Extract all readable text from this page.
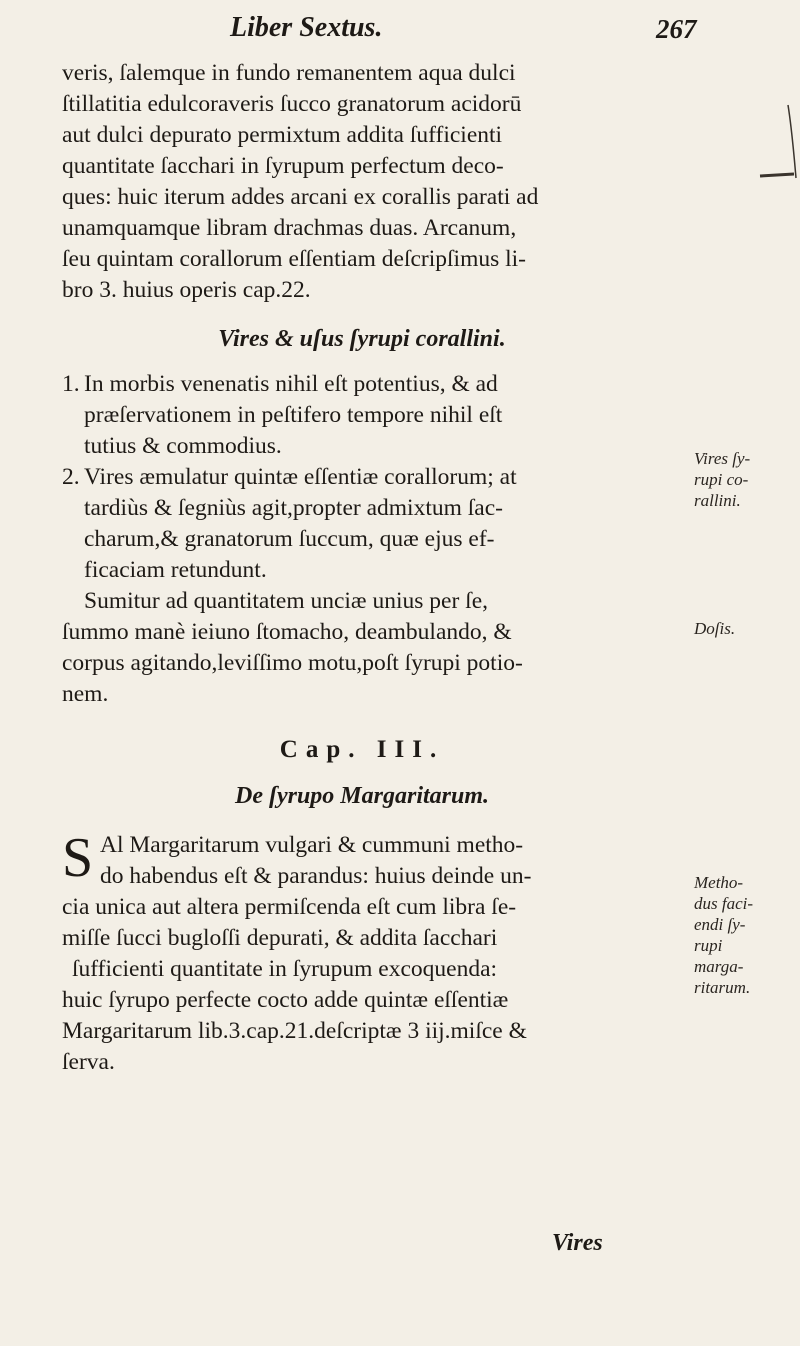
Liber Sextus.	267
veris, ſalemque in fundo remanentem aqua dulci
ſtillatitia edulcoraveris ſucco granatorum acidorū
aut dulci depurato permixtum addita ſufficienti
quantitate ſacchari in ſyrupum perfectum deco-
ques: huic iterum addes arcani ex corallis parati ad
unamquamque libram drachmas duas. Arcanum,
ſeu quintam corallorum eſſentiam deſcripſimus li-
bro 3. huius operis cap.22.
Vires & uſus ſyrupi corallini.
1. In morbis venenatis nihil eſt potentius, & ad
præſervationem in peſtifero tempore nihil eſt
tutius & commodius.
2. Vires æmulatur quintæ eſſentiæ corallorum; at
tardiùs & ſegniùs agit,propter admixtum ſac-
charum,& granatorum ſuccum, quæ ejus ef-
ficaciam retundunt.
Sumitur ad quantitatem unciæ unius per ſe,
ſummo manè ieiuno ſtomacho, deambulando, &
corpus agitando,leviſſimo motu,poſt ſyrupi potio-
nem.
Cap. III.
De ſyrupo Margaritarum.
S Al Margaritarum vulgari & cummuni metho-
do habendus eſt & parandus: huius deinde un-
cia unica aut altera permiſcenda eſt cum libra ſe-
miſſe ſucci bugloſſi depurati, & addita ſacchari
ſufficienti quantitate in ſyrupum excoquenda:
huic ſyrupo perfecte cocto adde quintæ eſſentiæ
Margaritarum lib.3.cap.21.deſcriptæ 3 iij.miſce &
ſerva.
Vires ſy-
rupi co-
rallini.
Doſis.
Metho-
dus faci-
endi ſy-
rupi
marga-
ritarum.
Vires
